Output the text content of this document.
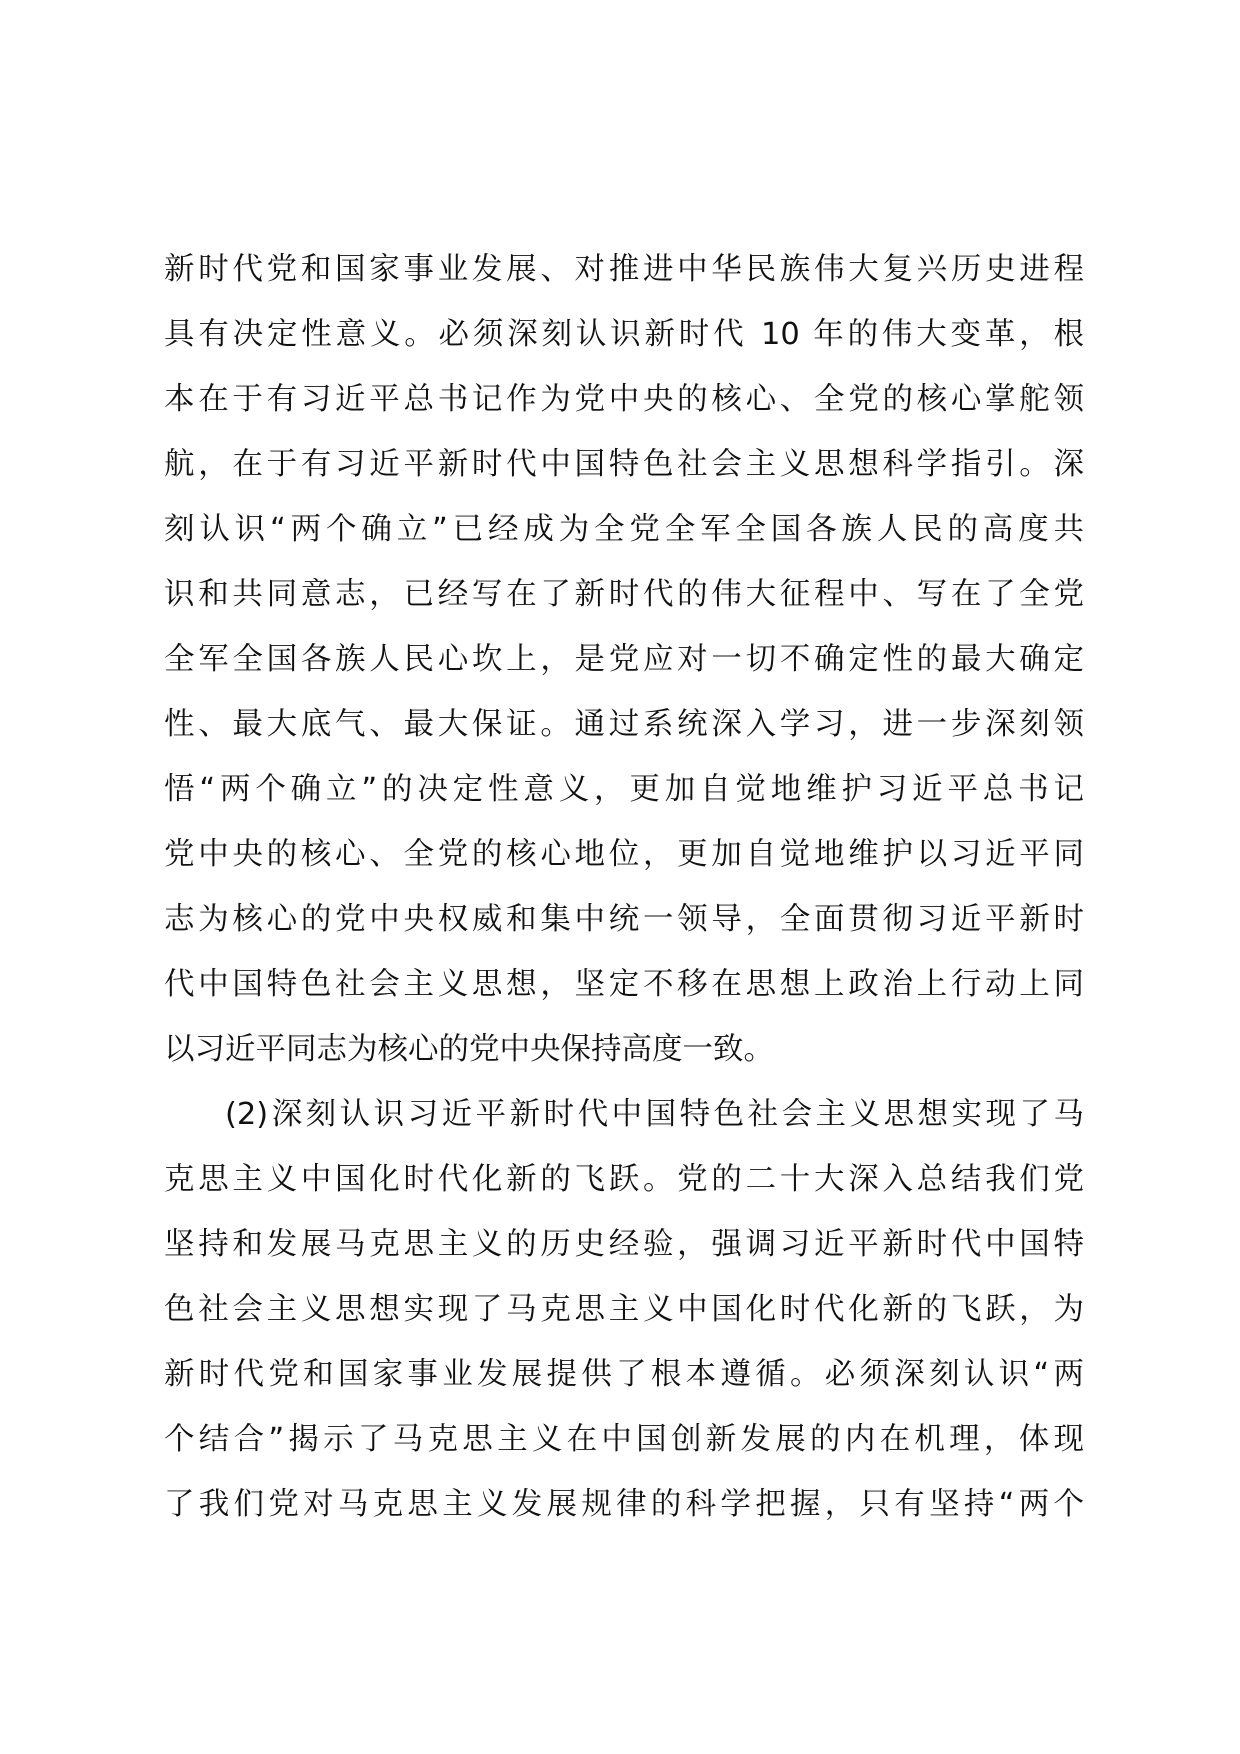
新时代党和国家事业发展、对推进中华民族伟大复兴历史进程
具有决定性意义。必须深刻认识新时代 10 年的伟大变革，根
本在于有习近平总书记作为党中央的核心、全党的核心掌舵领
航，在于有习近平新时代中国特色社会主义思想科学指引。深
刻认识“两个确立”已经成为全党全军全国各族人民的高度共
识和共同意志，已经写在了新时代的伟大征程中、写在了全党
全军全国各族人民心坎上，是党应对一切不确定性的最大确定
性、最大底气、最大保证。通过系统深入学习，进一步深刻领
悟“两个确立”的决定性意义，更加自觉地维护习近平总书记
党中央的核心、全党的核心地位，更加自觉地维护以习近平同
志为核心的党中央权威和集中统一领导，全面贯彻习近平新时
代中国特色社会主义思想，坚定不移在思想上政治上行动上同
以习近平同志为核心的党中央保持高度一致。
(2)深刻认识习近平新时代中国特色社会主义思想实现了马
克思主义中国化时代化新的飞跃。党的二十大深入总结我们党
坚持和发展马克思主义的历史经验，强调习近平新时代中国特
色社会主义思想实现了马克思主义中国化时代化新的飞跃，为
新时代党和国家事业发展提供了根本遵循。必须深刻认识“两
个结合”揭示了马克思主义在中国创新发展的内在机理，体现
了我们党对马克思主义发展规律的科学把握，只有坚持“两个
